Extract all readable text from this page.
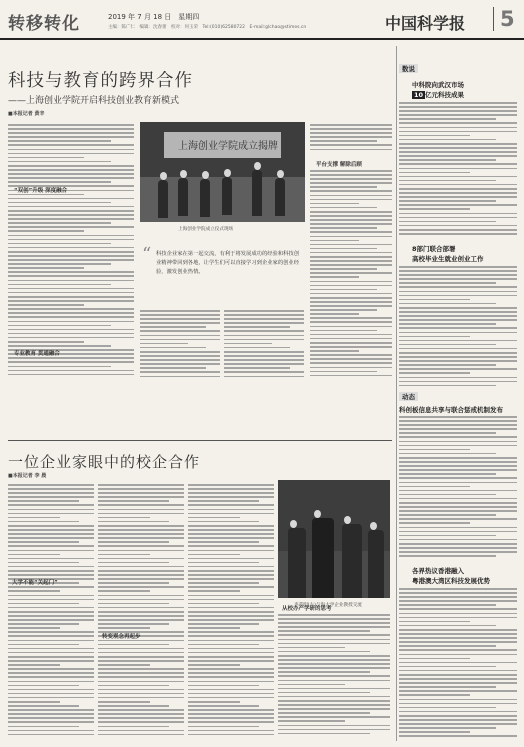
转移转化	2019 年 7 月 18 日　星期四
主编：陈广仁　编辑：沈春蕾　校对：何玉荣　Tel:(010)62580722　E-mail:glchao@stimes.cn	中国科学报	5
科技与教育的跨界合作
——上海创业学院开启科技创业教育新模式
■本报记者 黄辛
“双创”升级 深度融合
专业教育 贯通融合
上海创业学院成立揭牌
上海创业学院成立仪式现场
“ 科技企业家在第一起交流，有利于将发展成功的经验和科技创业精神带回到各地，让学生们可以直接学习到企业家的创业经验，激发创业热情。
平台支撑 解除后顾
一位企业家眼中的校企合作
■本报记者 李 晨
大学不能“关起门”
转变观念再起步
从校办产学研的思考
李蒂明(左)与海大学企业教授交流
数说
中科院向武汉市场
10 亿元科技成果
8部门联合部署
高校毕业生就业创业工作
动态
科创板信息共享与联合惩戒机制发布
各界热议香港融入
粤港澳大湾区科技发展优势
